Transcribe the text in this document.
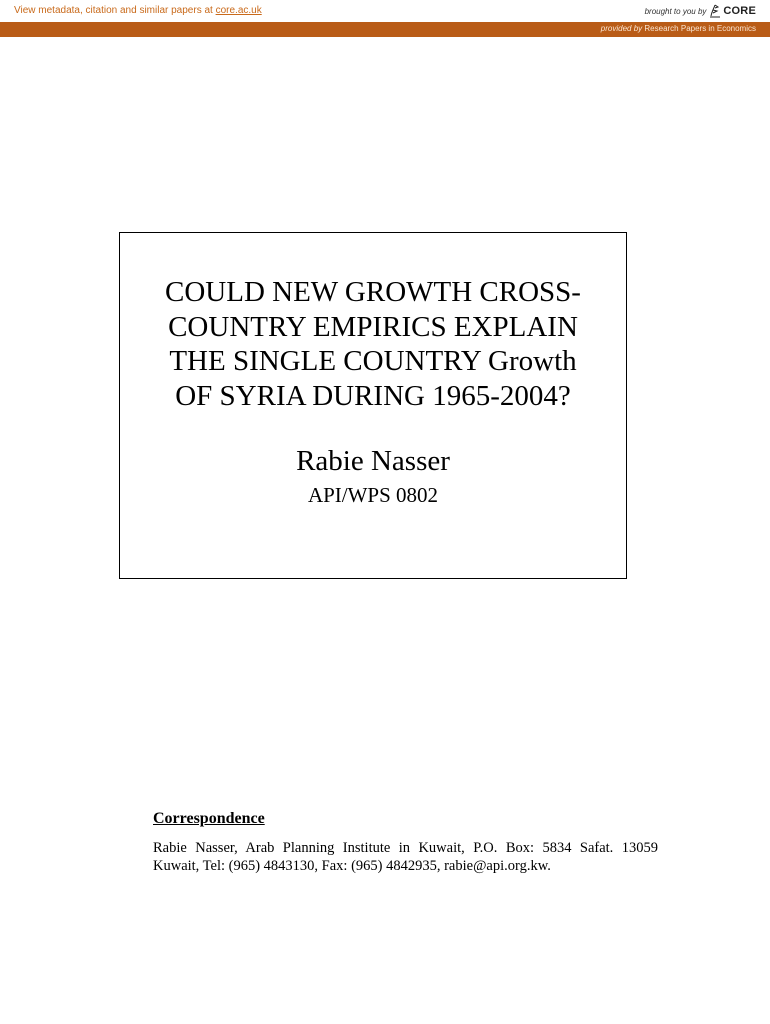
View metadata, citation and similar papers at core.ac.uk	brought to you by CORE
provided by Research Papers in Economics
COULD NEW GROWTH CROSS-
COUNTRY EMPIRICS EXPLAIN
THE SINGLE COUNTRY Growth
OF SYRIA DURING 1965-2004?
Rabie Nasser
API/WPS 0802
Correspondence
Rabie Nasser, Arab Planning Institute in Kuwait, P.O. Box: 5834 Safat. 13059
Kuwait, Tel: (965) 4843130, Fax: (965) 4842935, rabie@api.org.kw.
